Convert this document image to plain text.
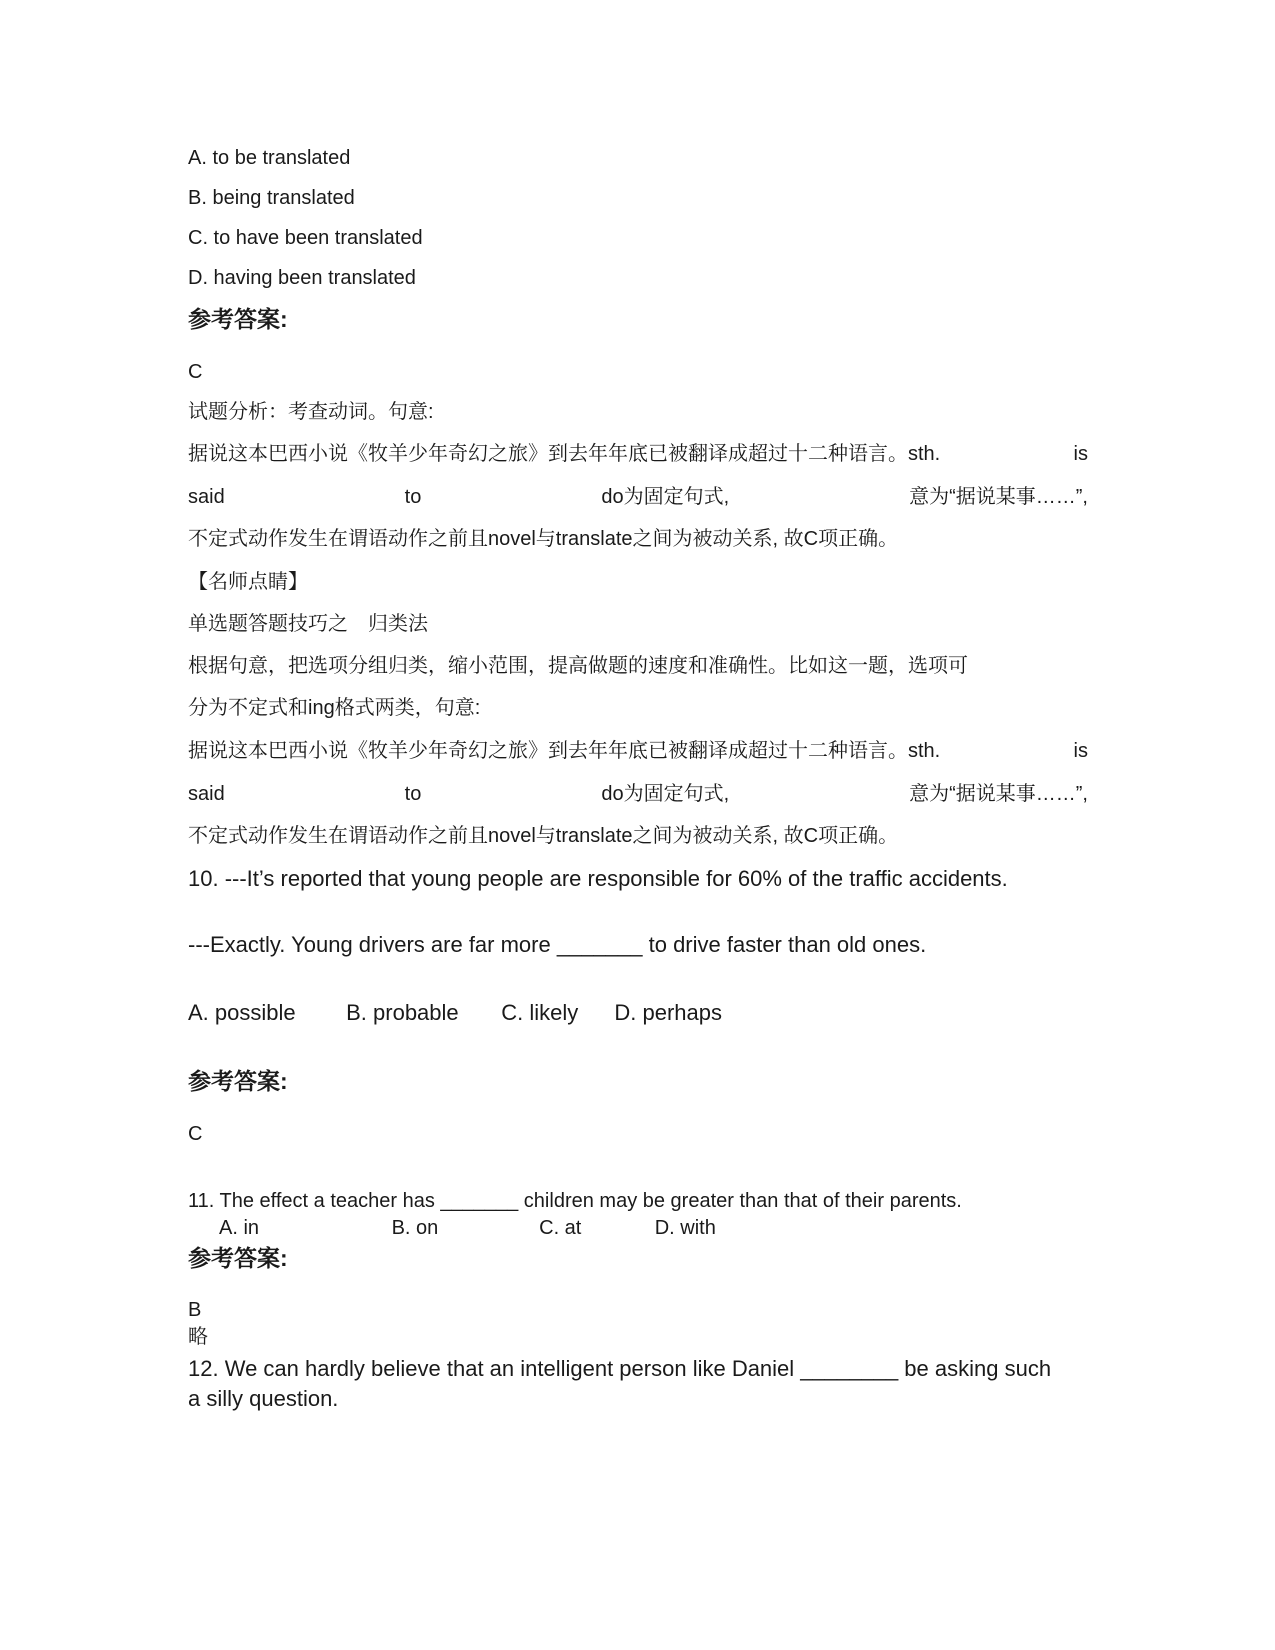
A. to be translated
B. being translated
C. to have been translated
D. having been translated
参考答案:
C
试题分析：考查动词。句意:
据说这本巴西小说《牧羊少年奇幻之旅》到去年年底已被翻译成超过十二种语言。sth.	is
said	to	do为固定句式,	意为“据说某事……”,
不定式动作发生在谓语动作之前且novel与translate之间为被动关系, 故C项正确。
【名师点睛】
单选题答题技巧之　归类法
根据句意，把选项分组归类，缩小范围，提高做题的速度和准确性。比如这一题，选项可
分为不定式和ing格式两类，句意:
据说这本巴西小说《牧羊少年奇幻之旅》到去年年底已被翻译成超过十二种语言。sth.	is
said	to	do为固定句式,	意为“据说某事……”,
不定式动作发生在谓语动作之前且novel与translate之间为被动关系, 故C项正确。
10. ---It’s reported that young people are responsible for 60% of the traffic accidents.
---Exactly. Young drivers are far more _______ to drive faster than old ones.
A. possible B. probable C. likely D. perhaps
参考答案:
C
11. The effect a teacher has _______ children may be greater than that of their parents.
A. in	B. on	C. at	D. with
参考答案:
B
略
12. We can hardly believe that an intelligent person like Daniel ________ be asking such
a silly question.
